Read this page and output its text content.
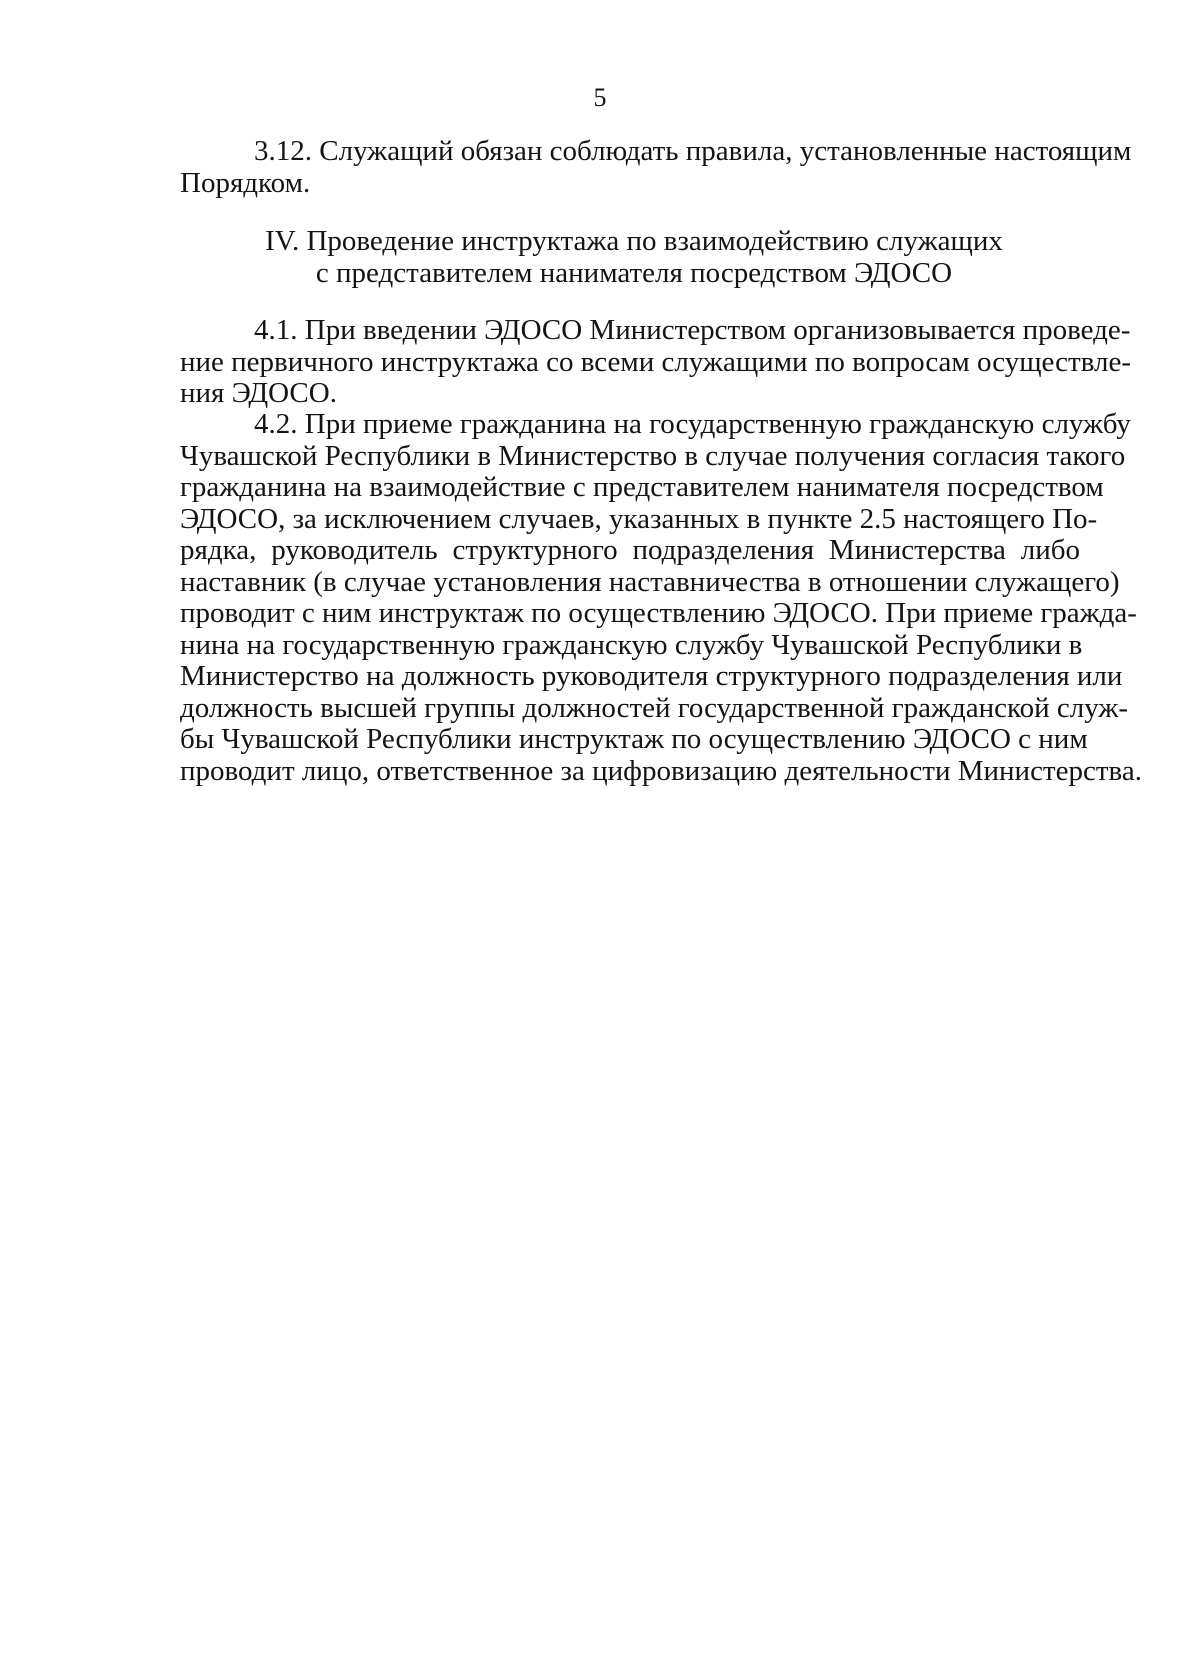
5
3.12. Служащий обязан соблюдать правила, установленные настоящим
Порядком.
IV. Проведение инструктажа по взаимодействию служащих
с представителем нанимателя посредством ЭДОСО
4.1. При введении ЭДОСО Министерством организовывается проведе-
ние первичного инструктажа со всеми служащими по вопросам осуществле-
ния ЭДОСО.
4.2. При приеме гражданина на государственную гражданскую службу
Чувашской Республики в Министерство в случае получения согласия такого
гражданина на взаимодействие с представителем нанимателя посредством
ЭДОСО, за исключением случаев, указанных в пункте 2.5 настоящего По-
рядка, руководитель структурного подразделения Министерства либо
наставник (в случае установления наставничества в отношении служащего)
проводит с ним инструктаж по осуществлению ЭДОСО. При приеме гражда-
нина на государственную гражданскую службу Чувашской Республики в
Министерство на должность руководителя структурного подразделения или
должность высшей группы должностей государственной гражданской служ-
бы Чувашской Республики инструктаж по осуществлению ЭДОСО с ним
проводит лицо, ответственное за цифровизацию деятельности Министерства.
